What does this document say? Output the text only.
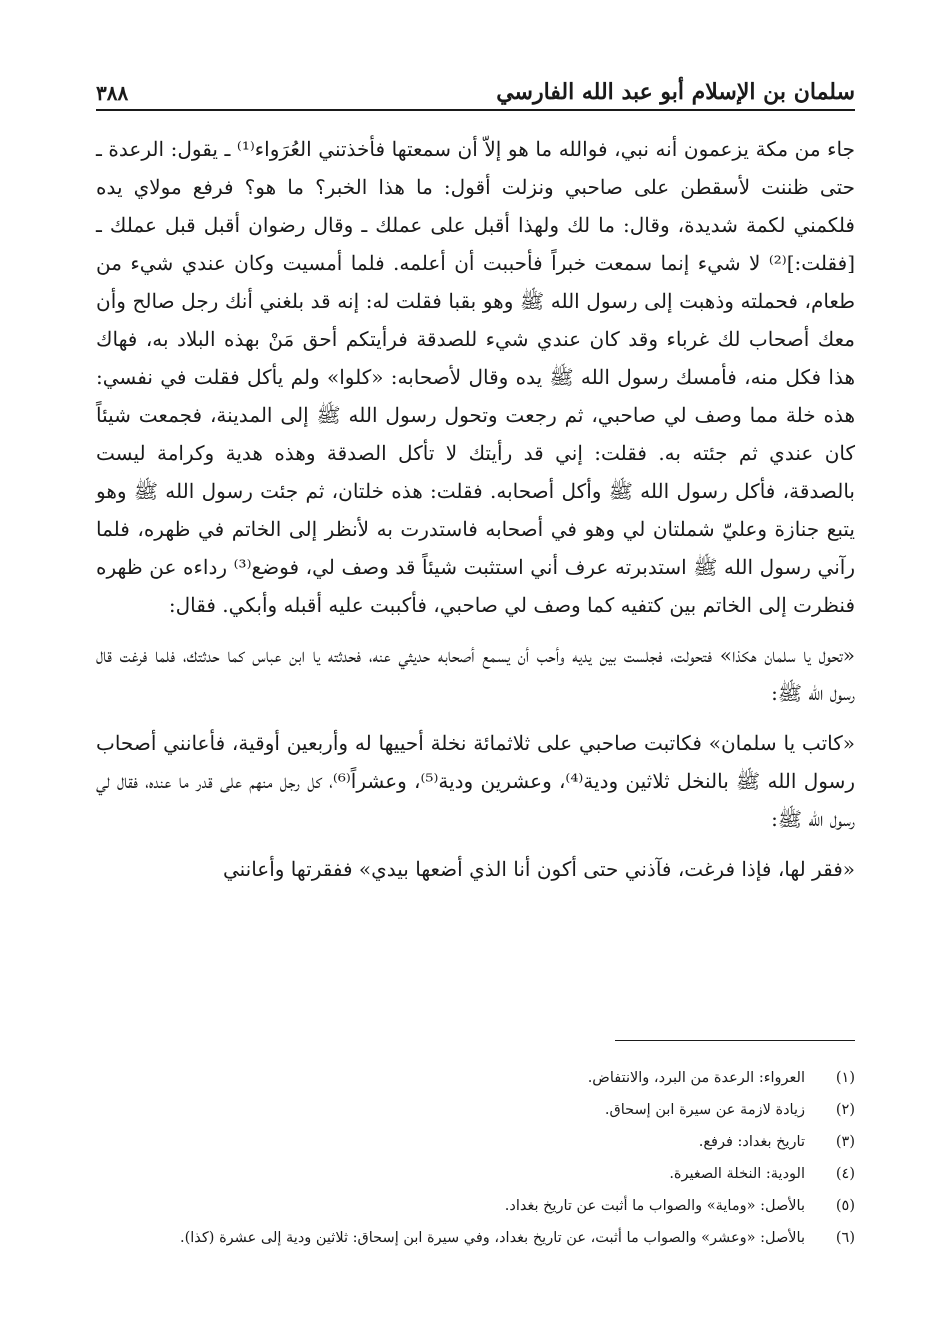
سلمان بن الإسلام أبو عبد الله الفارسي
٣٨٨

جاء من مكة يزعمون أنه نبي، فوالله ما هو إلاّ أن سمعتها فأخذتني العُرَواء⁽¹⁾ ـ يقول: الرعدة ـ حتى ظننت لأسقطن على صاحبي ونزلت أقول: ما هذا الخبر؟ ما هو؟ فرفع مولاي يده فلكمني لكمة شديدة، وقال: ما لك ولهذا أقبل على عملك ـ وقال رضوان أقبل قبل عملك ـ [فقلت:]⁽²⁾ لا شيء إنما سمعت خبراً فأحببت أن أعلمه. فلما أمسيت وكان عندي شيء من طعام، فحملته وذهبت إلى رسول الله ﷺ وهو بقبا فقلت له: إنه قد بلغني أنك رجل صالح وأن معك أصحاب لك غرباء وقد كان عندي شيء للصدقة فرأيتكم أحق مَنْ بهذه البلاد به، فهاك هذا فكل منه، فأمسك رسول الله ﷺ يده وقال لأصحابه: «كلوا» ولم يأكل فقلت في نفسي: هذه خلة مما وصف لي صاحبي، ثم رجعت وتحول رسول الله ﷺ إلى المدينة، فجمعت شيئاً كان عندي ثم جئته به. فقلت: إني قد رأيتك لا تأكل الصدقة وهذه هدية وكرامة ليست بالصدقة، فأكل رسول الله ﷺ وأكل أصحابه. فقلت: هذه خلتان، ثم جئت رسول الله ﷺ وهو يتبع جنازة وعليّ شملتان لي وهو في أصحابه فاستدرت به لأنظر إلى الخاتم في ظهره، فلما رآني رسول الله ﷺ استدبرته عرف أني استثبت شيئاً قد وصف لي، فوضع⁽³⁾ رداءه عن ظهره فنظرت إلى الخاتم بين كتفيه كما وصف لي صاحبي، فأكببت عليه أقبله وأبكي. فقال:

«تحول يا سلمان هكذا» فتحولت، فجلست بين يديه وأحب أن يسمع أصحابه حديثي عنه، فحدثته يا ابن عباس كما حدثتك، فلما فرغت قال رسول الله ﷺ:

«كاتب يا سلمان» فكاتبت صاحبي على ثلاثمائة نخلة أحييها له وأربعين أوقية، فأعانني أصحاب رسول الله ﷺ بالنخل ثلاثين ودية⁽⁴⁾، وعشرين ودية⁽⁵⁾، وعشراً⁽⁶⁾، كل رجل منهم على قدر ما عنده، فقال لي رسول الله ﷺ:

«فقر لها، فإذا فرغت، فآذني حتى أكون أنا الذي أضعها بيدي» ففقرتها وأعانني

(١)
العرواء: الرعدة من البرد، والانتفاض.
(٢)
زيادة لازمة عن سيرة ابن إسحاق.
(٣)
تاريخ بغداد: فرفع.
(٤)
الودية: النخلة الصغيرة.
(٥)
بالأصل: «وماية» والصواب ما أثبت عن تاريخ بغداد.
(٦)
بالأصل: «وعشر» والصواب ما أثبت، عن تاريخ بغداد، وفي سيرة ابن إسحاق: ثلاثين ودية إلى عشرة (كذا).
